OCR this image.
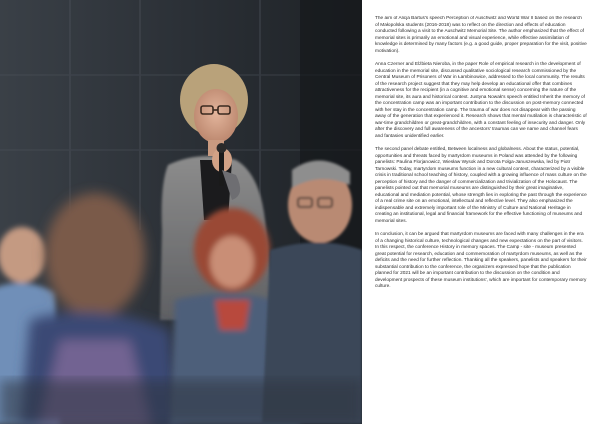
The aim of Alicja Bartuś's speech Perception of Auschwitz and World War II based on the research of Małopolska students (2016-2018) was to reflect on the direction and effects of education conducted following a visit to the Auschwitz Memorial Site. The author emphasized that the effect of memorial sites is primarily an emotional and visual experience, while effective assimilation of knowledge is determined by many factors (e.g. a good guide, proper preparation for the visit, positive motivation).

Anna Czerner and Elżbieta Nieroba, in the paper Role of empirical research in the development of education in the memorial site, discussed qualitative sociological research commissioned by the Central Museum of Prisoners of War in Łambinowice, addressed to the local community. The results of the research project suggest that they may help develop an educational offer that combines attractiveness for the recipient (in a cognitive and emotional sense) concerning the nature of the memorial site, its aura and historical context. Justyna Nowak's speech entitled Inherit the memory of the concentration camp was an important contribution to the discussion on post-memory connected with her stay in the concentration camp. The trauma of war does not disappear with the passing away of the generation that experienced it. Research shows that mental mutilation is characteristic of war-time grandchildren or great-grandchildren, with a constant feeling of insecurity and danger. Only after the discovery and full awareness of the ancestors' traumas can we name and channel fears and fantasies unidentified earlier.

The second panel debate entitled, Between localness and globalness. About the status, potential, opportunities and threats faced by martyrdom museums in Poland was attended by the following panelists: Paulina Florjanowicz, Wiesław Wysok and Dorota Folga-Januszewska, led by Piotr Tarnowski. Today, martyrdom museums function in a new cultural context, characterized by a visible crisis in traditional school teaching of history, coupled with a growing influence of mass culture on the perception of history and the danger of commercialization and trivialization of the Holocaust. The panelists pointed out that memorial museums are distinguished by their great imaginative, educational and mediation potential, whose strength lies in exploring the past through the experience of a real crime site on an emotional, intellectual and reflective level. They also emphasized the indispensable and extremely important role of the Ministry of Culture and National Heritage in creating an institutional, legal and financial framework for the effective functioning of museums and memorial sites.

In conclusion, it can be argued that martyrdom museums are faced with many challenges in the era of a changing historical culture, technological changes and new expectations on the part of visitors. In this respect, the conference History in memory spaces. The Camp - site - museum presented great potential for research, education and commemoration of martyrdom museums, as well as the deficits and the need for further reflection. Thanking all the speakers, panelists and speakers for their substantial contribution to the conference, the organizers expressed hope that the publication planned for 2021 will be an important contribution to the discussion on the condition and development prospects of these museum institutions', which are important for contemporary memory culture.
